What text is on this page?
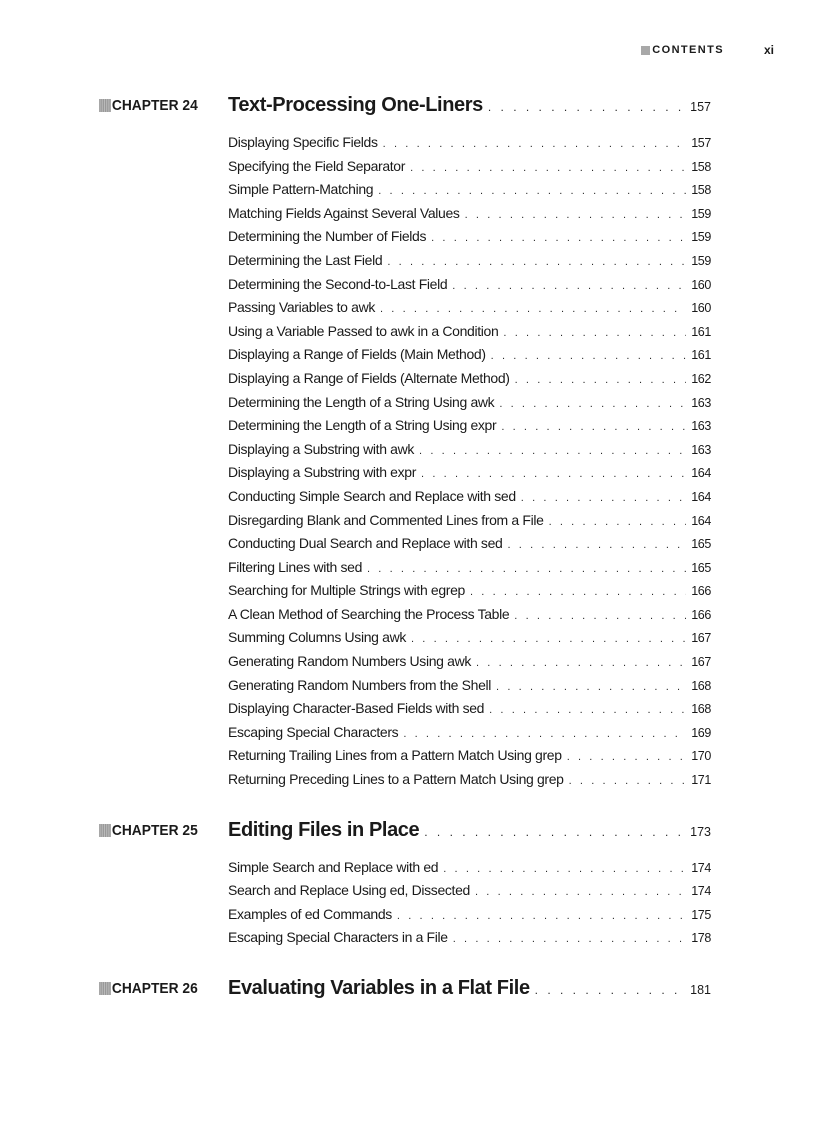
CONTENTS	xi
CHAPTER 24 Text-Processing One-Liners . . .	157
Displaying Specific Fields . . .	157
Specifying the Field Separator . . .	158
Simple Pattern-Matching . . .	158
Matching Fields Against Several Values . . .	159
Determining the Number of Fields . . .	159
Determining the Last Field . . .	159
Determining the Second-to-Last Field . . .	160
Passing Variables to awk . . .	160
Using a Variable Passed to awk in a Condition . . .	161
Displaying a Range of Fields (Main Method) . . .	161
Displaying a Range of Fields (Alternate Method) . . .	162
Determining the Length of a String Using awk . . .	163
Determining the Length of a String Using expr . . .	163
Displaying a Substring with awk . . .	163
Displaying a Substring with expr . . .	164
Conducting Simple Search and Replace with sed . . .	164
Disregarding Blank and Commented Lines from a File . . .	164
Conducting Dual Search and Replace with sed . . .	165
Filtering Lines with sed . . .	165
Searching for Multiple Strings with egrep . . .	166
A Clean Method of Searching the Process Table . . .	166
Summing Columns Using awk . . .	167
Generating Random Numbers Using awk . . .	167
Generating Random Numbers from the Shell . . .	168
Displaying Character-Based Fields with sed . . .	168
Escaping Special Characters . . .	169
Returning Trailing Lines from a Pattern Match Using grep . . .	170
Returning Preceding Lines to a Pattern Match Using grep . . .	171
CHAPTER 25 Editing Files in Place . . .	173
Simple Search and Replace with ed . . .	174
Search and Replace Using ed, Dissected . . .	174
Examples of ed Commands . . .	175
Escaping Special Characters in a File . . .	178
CHAPTER 26 Evaluating Variables in a Flat File . . .	181
